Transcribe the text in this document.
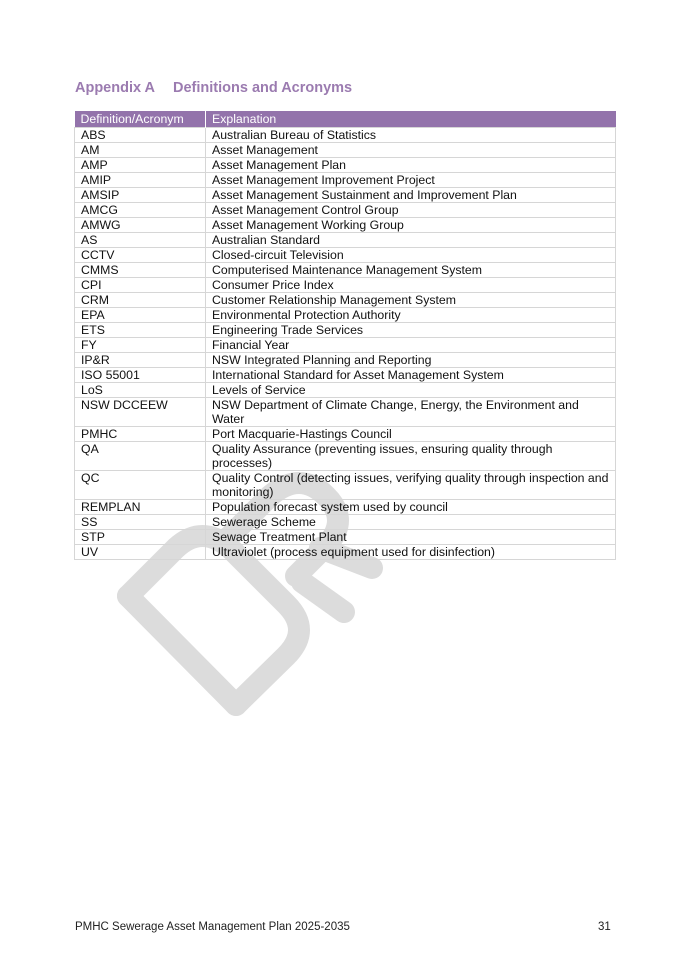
Appendix A Definitions and Acronyms
Definition/Acronym	Explanation
ABS	Australian Bureau of Statistics
AM	Asset Management
AMP	Asset Management Plan
AMIP	Asset Management Improvement Project
AMSIP	Asset Management Sustainment and Improvement Plan
AMCG	Asset Management Control Group
AMWG	Asset Management Working Group
AS	Australian Standard
CCTV	Closed-circuit Television
CMMS	Computerised Maintenance Management System
CPI	Consumer Price Index
CRM	Customer Relationship Management System
EPA	Environmental Protection Authority
ETS	Engineering Trade Services
FY	Financial Year
IP&R	NSW Integrated Planning and Reporting
ISO 55001	International Standard for Asset Management System
LoS	Levels of Service
NSW DCCEEW	NSW Department of Climate Change, Energy, the Environment and Water
PMHC	Port Macquarie-Hastings Council
QA	Quality Assurance (preventing issues, ensuring quality through processes)
QC	Quality Control (detecting issues, verifying quality through inspection and monitoring)
REMPLAN	Population forecast system used by council
SS	Sewerage Scheme
STP	Sewage Treatment Plant
UV	Ultraviolet (process equipment used for disinfection)
PMHC Sewerage Asset Management Plan 2025-2035	31
